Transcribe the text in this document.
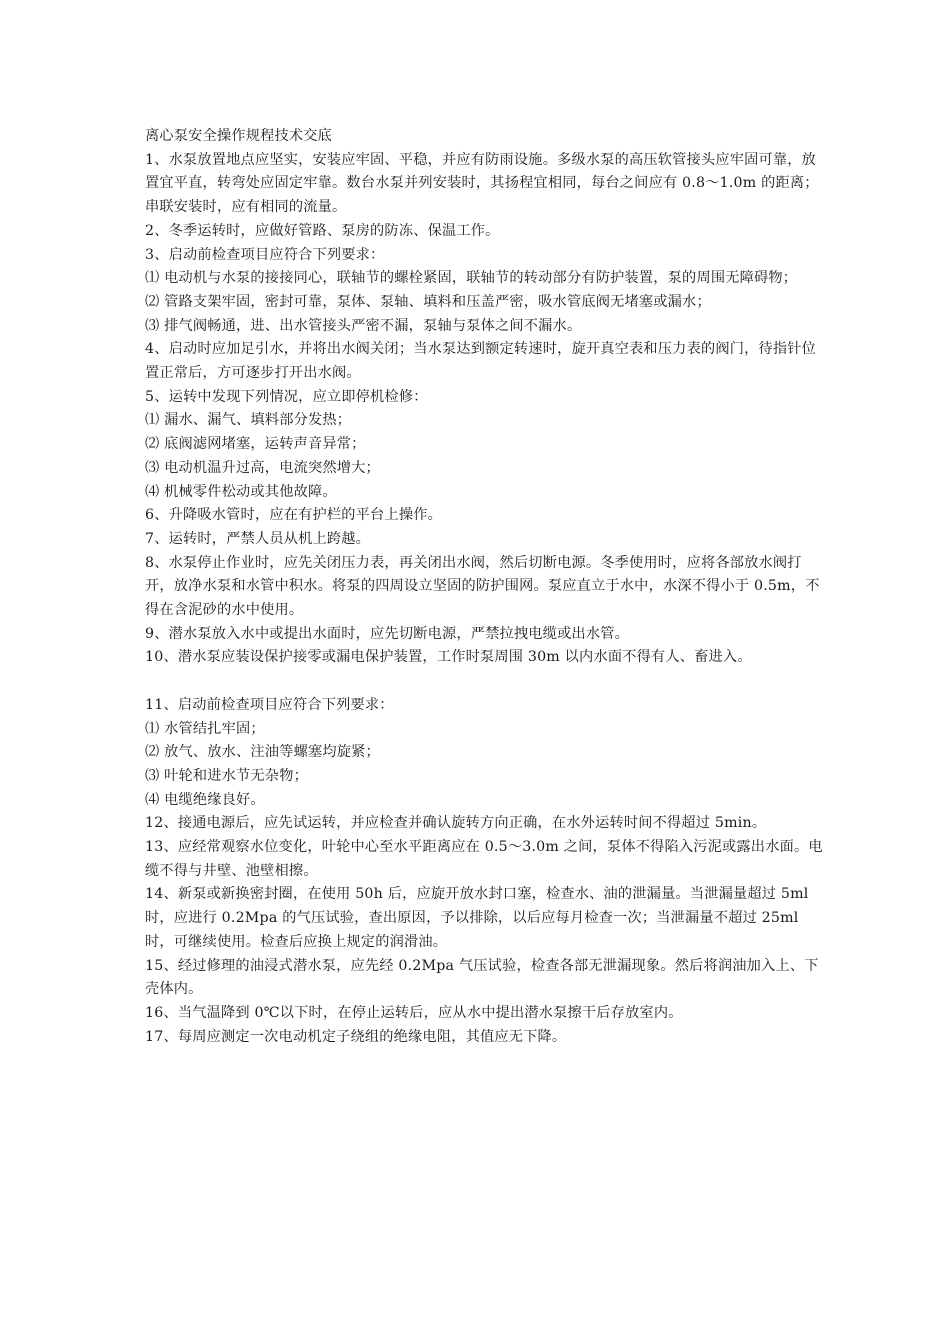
离心泵安全操作规程技术交底

1、水泵放置地点应坚实，安装应牢固、平稳，并应有防雨设施。多级水泵的高压软管接头应牢固可靠，放置宜平直，转弯处应固定牢靠。数台水泵并列安装时，其扬程宜相同，每台之间应有 0.8～1.0m 的距离；串联安装时，应有相同的流量。

2、冬季运转时，应做好管路、泵房的防冻、保温工作。

3、启动前检查项目应符合下列要求：

⑴ 电动机与水泵的接接同心，联轴节的螺栓紧固，联轴节的转动部分有防护装置，泵的周围无障碍物；

⑵ 管路支架牢固，密封可靠，泵体、泵轴、填料和压盖严密，吸水管底阀无堵塞或漏水；

⑶ 排气阀畅通，进、出水管接头严密不漏，泵轴与泵体之间不漏水。

4、启动时应加足引水，并将出水阀关闭；当水泵达到额定转速时，旋开真空表和压力表的阀门，待指针位置正常后，方可逐步打开出水阀。

5、运转中发现下列情况，应立即停机检修：

⑴ 漏水、漏气、填料部分发热；

⑵ 底阀滤网堵塞，运转声音异常；

⑶ 电动机温升过高，电流突然增大；

⑷ 机械零件松动或其他故障。

6、升降吸水管时，应在有护栏的平台上操作。

7、运转时，严禁人员从机上跨越。

8、水泵停止作业时，应先关闭压力表，再关闭出水阀，然后切断电源。冬季使用时，应将各部放水阀打开，放净水泵和水管中积水。将泵的四周设立坚固的防护围网。泵应直立于水中，水深不得小于 0.5m，不得在含泥砂的水中使用。

9、潜水泵放入水中或提出水面时，应先切断电源，严禁拉拽电缆或出水管。

10、潜水泵应装设保护接零或漏电保护装置，工作时泵周围 30m 以内水面不得有人、畜进入。

11、启动前检查项目应符合下列要求：

⑴ 水管结扎牢固；

⑵ 放气、放水、注油等螺塞均旋紧；

⑶ 叶轮和进水节无杂物；

⑷ 电缆绝缘良好。

12、接通电源后，应先试运转，并应检查并确认旋转方向正确，在水外运转时间不得超过 5min。

13、应经常观察水位变化，叶轮中心至水平距离应在 0.5～3.0m 之间，泵体不得陷入污泥或露出水面。电缆不得与井壁、池壁相擦。

14、新泵或新换密封圈，在使用 50h 后，应旋开放水封口塞，检查水、油的泄漏量。当泄漏量超过 5ml 时，应进行 0.2Mpa 的气压试验，查出原因，予以排除，以后应每月检查一次；当泄漏量不超过 25ml 时，可继续使用。检查后应换上规定的润滑油。

15、经过修理的油浸式潜水泵，应先经 0.2Mpa 气压试验，检查各部无泄漏现象。然后将润油加入上、下壳体内。

16、当气温降到 0℃以下时，在停止运转后，应从水中提出潜水泵擦干后存放室内。

17、每周应测定一次电动机定子绕组的绝缘电阻，其值应无下降。
